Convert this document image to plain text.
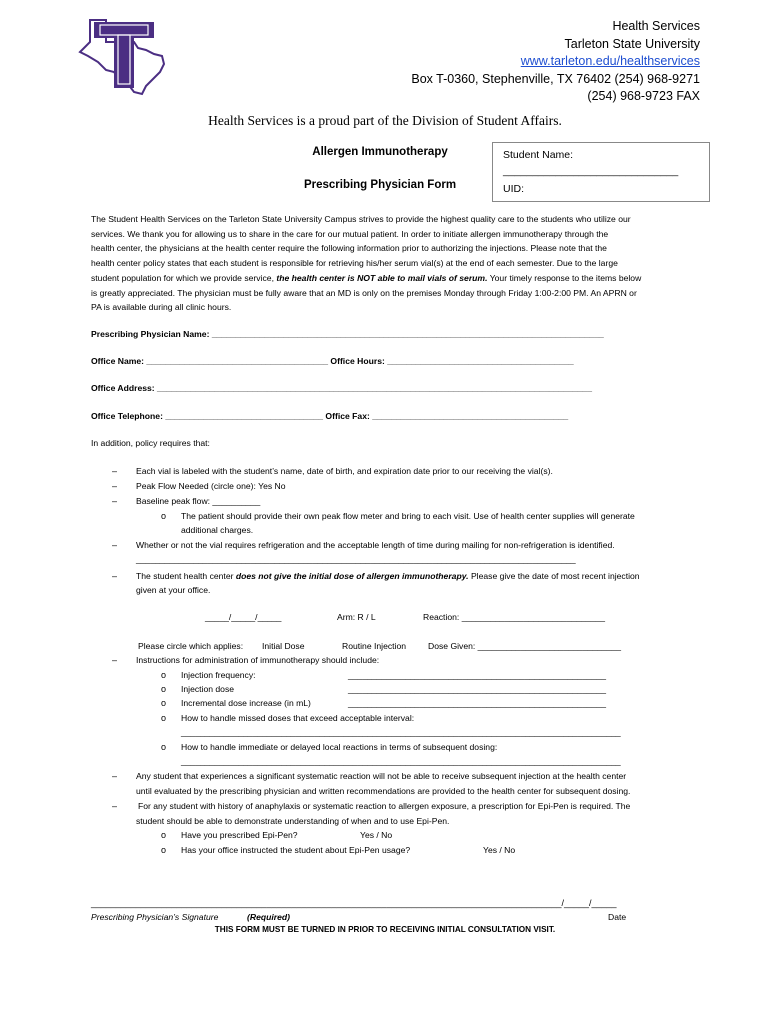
Health Services
Tarleton State University
www.tarleton.edu/healthservices
Box T-0360, Stephenville, TX 76402 (254) 968-9271
(254) 968-9723 FAX
Health Services is a proud part of the Division of Student Affairs.
Allergen Immunotherapy
Prescribing Physician Form
Student Name:
______________________________
UID:
The Student Health Services on the Tarleton State University Campus strives to provide the highest quality care to the students who utilize our
services. We thank you for allowing us to share in the care for our mutual patient. In order to initiate allergen immunotherapy through the
health center, the physicians at the health center require the following information prior to authorizing the injections. Please note that the
health center policy states that each student is responsible for retrieving his/her serum vial(s) at the end of each semester. Due to the large
student population for which we provide service, the health center is NOT able to mail vials of serum. Your timely response to the items below
is greatly appreciated. The physician must be fully aware that an MD is only on the premises Monday through Friday 1:00-2:00 PM. An APRN or
PA is available during all clinic hours.
Prescribing Physician Name: __________________________________________________________________________________
Office Name: ______________________________________ Office Hours: _______________________________________
Office Address: ___________________________________________________________________________________________
Office Telephone: _________________________________ Office Fax: _________________________________________
In addition, policy requires that:
– Each vial is labeled with the student’s name, date of birth, and expiration date prior to our receiving the vial(s).
– Peak Flow Needed (circle one): Yes No
– Baseline peak flow: __________
o The patient should provide their own peak flow meter and bring to each visit. Use of health center supplies will generate
additional charges.
– Whether or not the vial requires refrigeration and the acceptable length of time during mailing for non-refrigeration is identified.
____________________________________________________________________________________________
– The student health center does not give the initial dose of allergen immunotherapy. Please give the date of most recent injection
given at your office.
_____/_____/_____	Arm: R / L	Reaction: ______________________________
Please circle which applies: Initial Dose	Routine Injection	Dose Given: ______________________________
– Instructions for administration of immunotherapy should include:
o Injection frequency:	______________________________________________________
o Injection dose	______________________________________________________
o Incremental dose increase (in mL)	______________________________________________________
o How to handle missed doses that exceed acceptable interval:
____________________________________________________________________________________________
o How to handle immediate or delayed local reactions in terms of subsequent dosing:
____________________________________________________________________________________________
– Any student that experiences a significant systematic reaction will not be able to receive subsequent injection at the health center
until evaluated by the prescribing physician and written recommendations are provided to the health center for subsequent dosing.
– For any student with history of anaphylaxis or systematic reaction to allergen exposure, a prescription for Epi-Pen is required. The
student should be able to demonstrate understanding of when and to use Epi-Pen.
o Have you prescribed Epi-Pen?	Yes / No
o Has your office instructed the student about Epi-Pen usage?	Yes / No
______________________________________________________________________________________________/_____/_____
Prescribing Physician’s Signature	(Required)	Date
THIS FORM MUST BE TURNED IN PRIOR TO RECEIVING INITIAL CONSULTATION VISIT.
